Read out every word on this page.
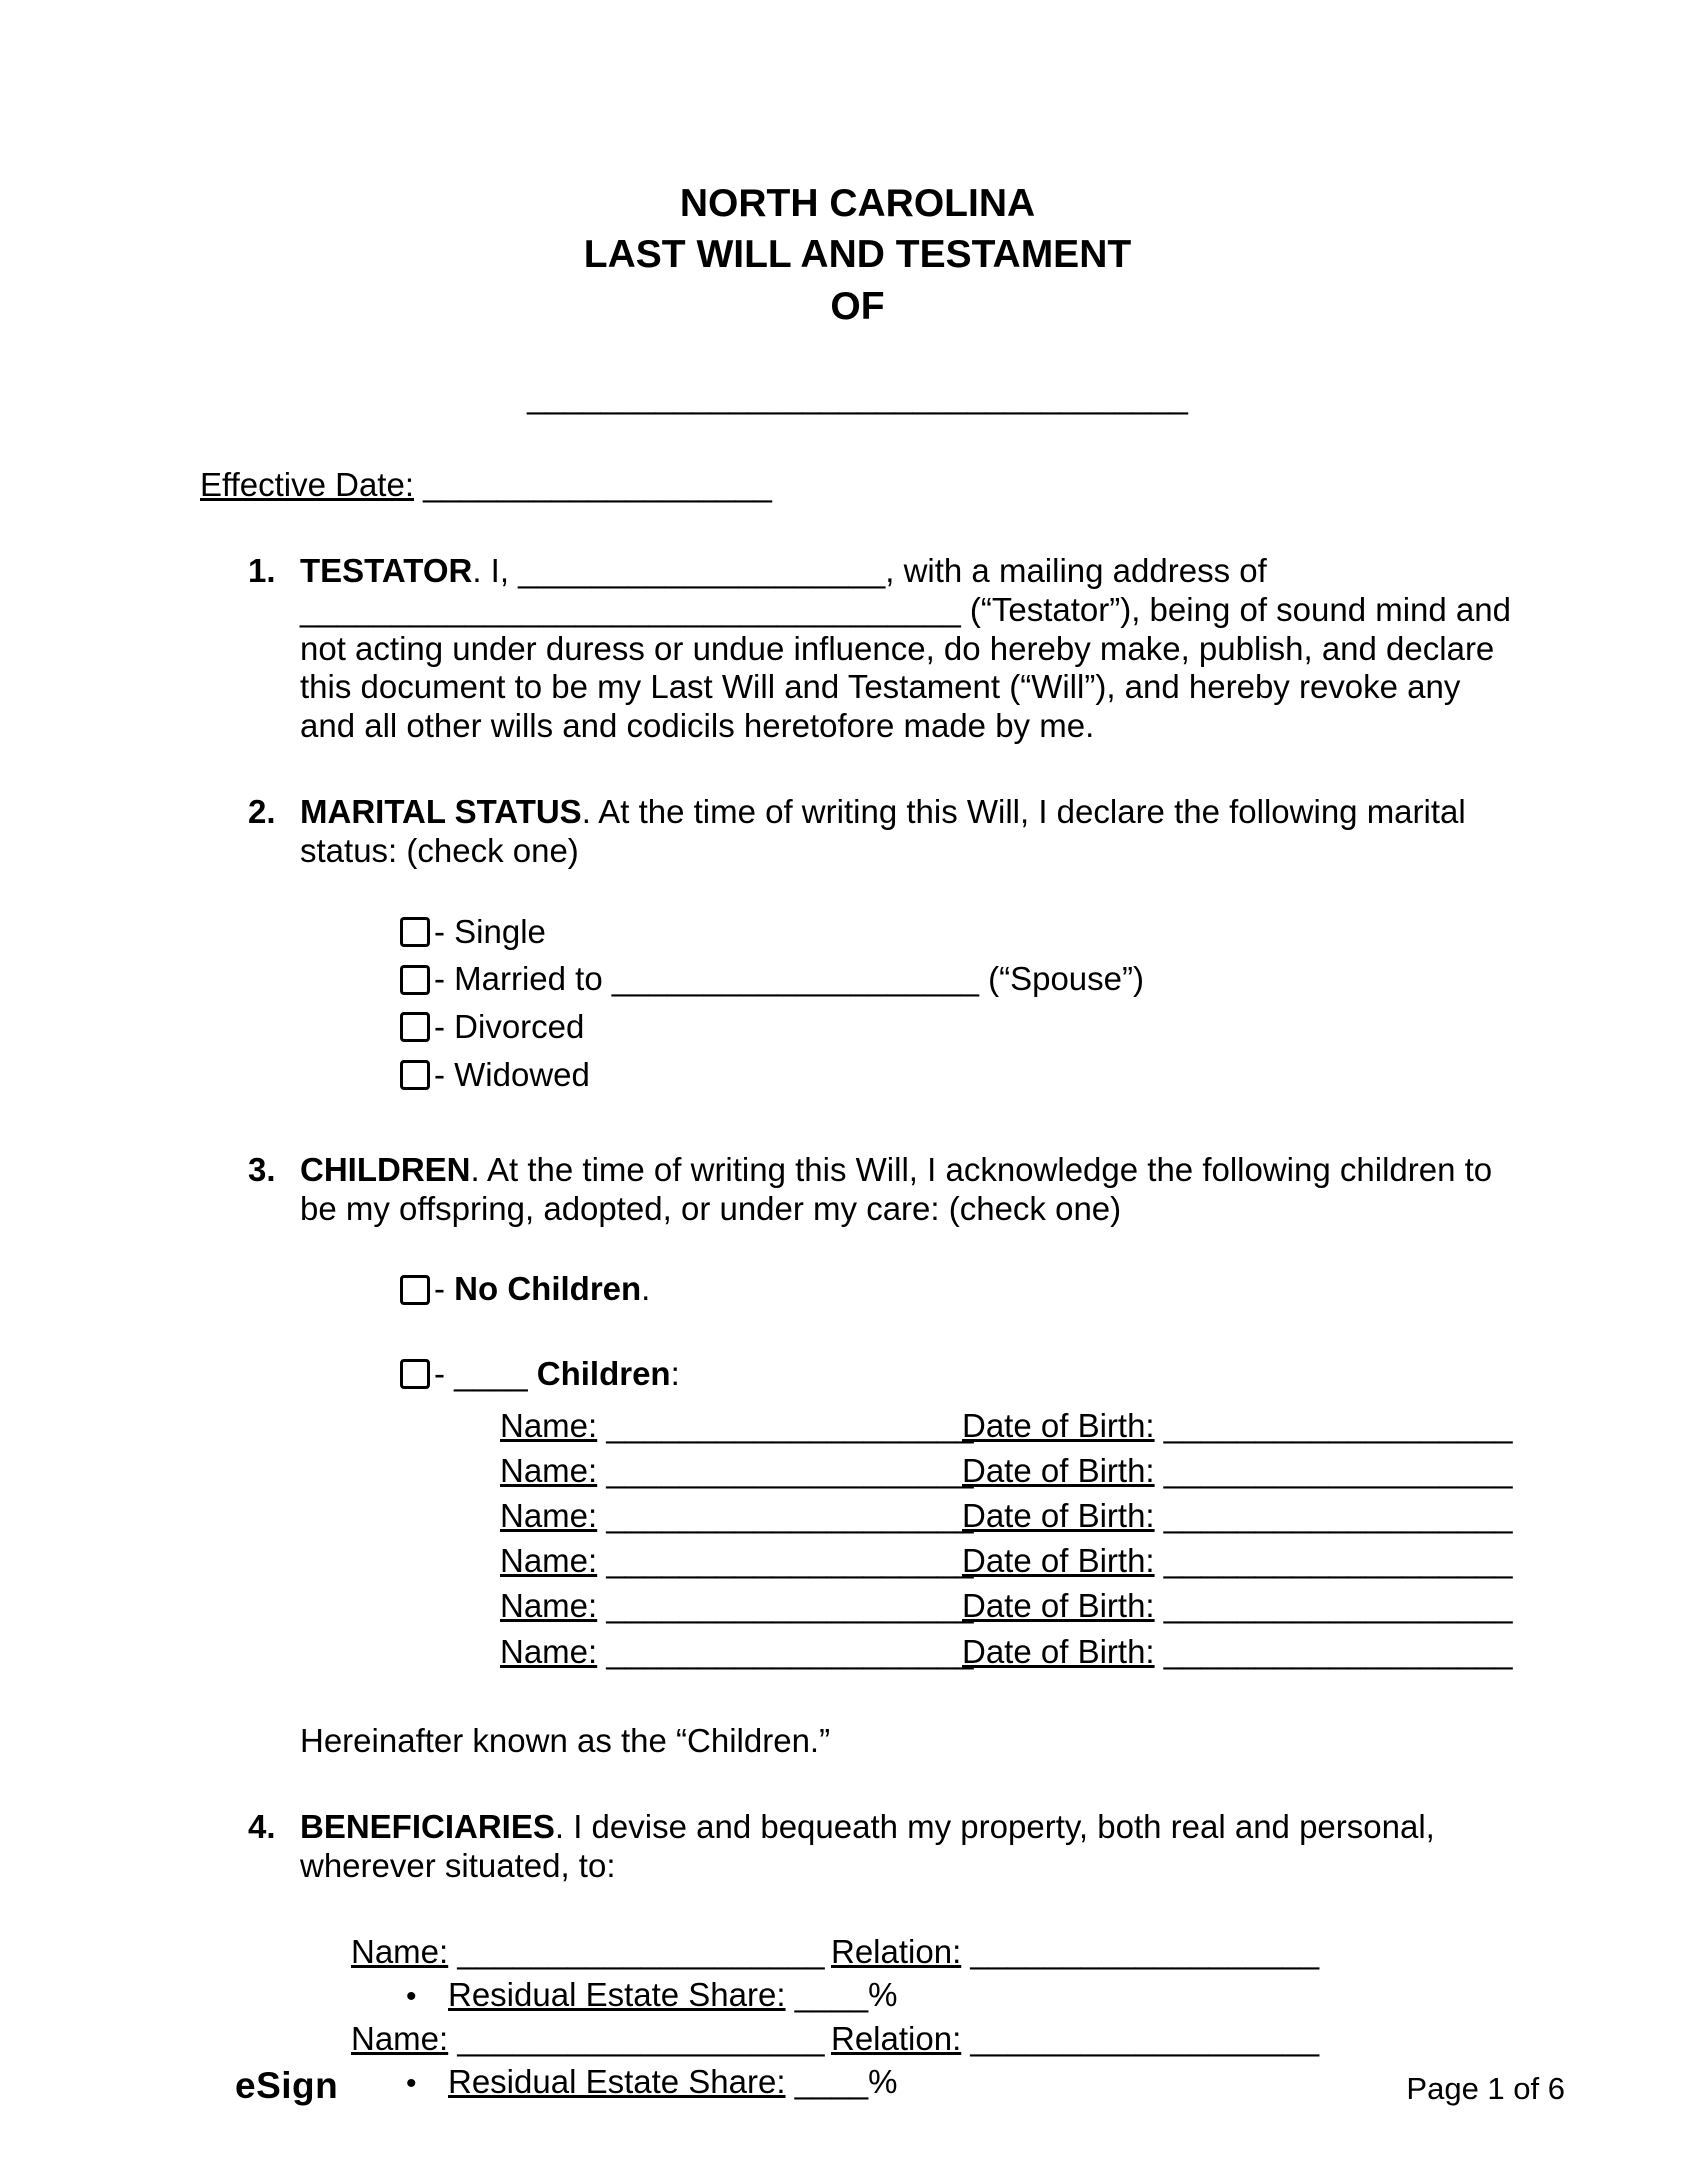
NORTH CAROLINA
LAST WILL AND TESTAMENT
OF
____________________________________
Effective Date: ___________________
1. TESTATOR. I, ____________________, with a mailing address of ____________________________________ (“Testator”), being of sound mind and not acting under duress or undue influence, do hereby make, publish, and declare this document to be my Last Will and Testament (“Will”), and hereby revoke any and all other wills and codicils heretofore made by me.

2. MARITAL STATUS. At the time of writing this Will, I declare the following marital status: (check one)

- Single
- Married to ____________________ (“Spouse”)
- Divorced
- Widowed
3. CHILDREN. At the time of writing this Will, I acknowledge the following children to be my offspring, adopted, or under my care: (check one)

- No Children.
- ____ Children:
Name: ____________________
Date of Birth: ___________________
Name: ____________________
Date of Birth: ___________________
Name: ____________________
Date of Birth: ___________________
Name: ____________________
Date of Birth: ___________________
Name: ____________________
Date of Birth: ___________________
Name: ____________________
Date of Birth: ___________________

Hereinafter known as the “Children.”

4. BENEFICIARIES. I devise and bequeath my property, both real and personal, wherever situated, to:

Name: ____________________ Relation: ___________________
• Residual Estate Share: ____%
Name: ____________________ Relation: ___________________
• Residual Estate Share: ____%
eSign	Page 1 of 6
